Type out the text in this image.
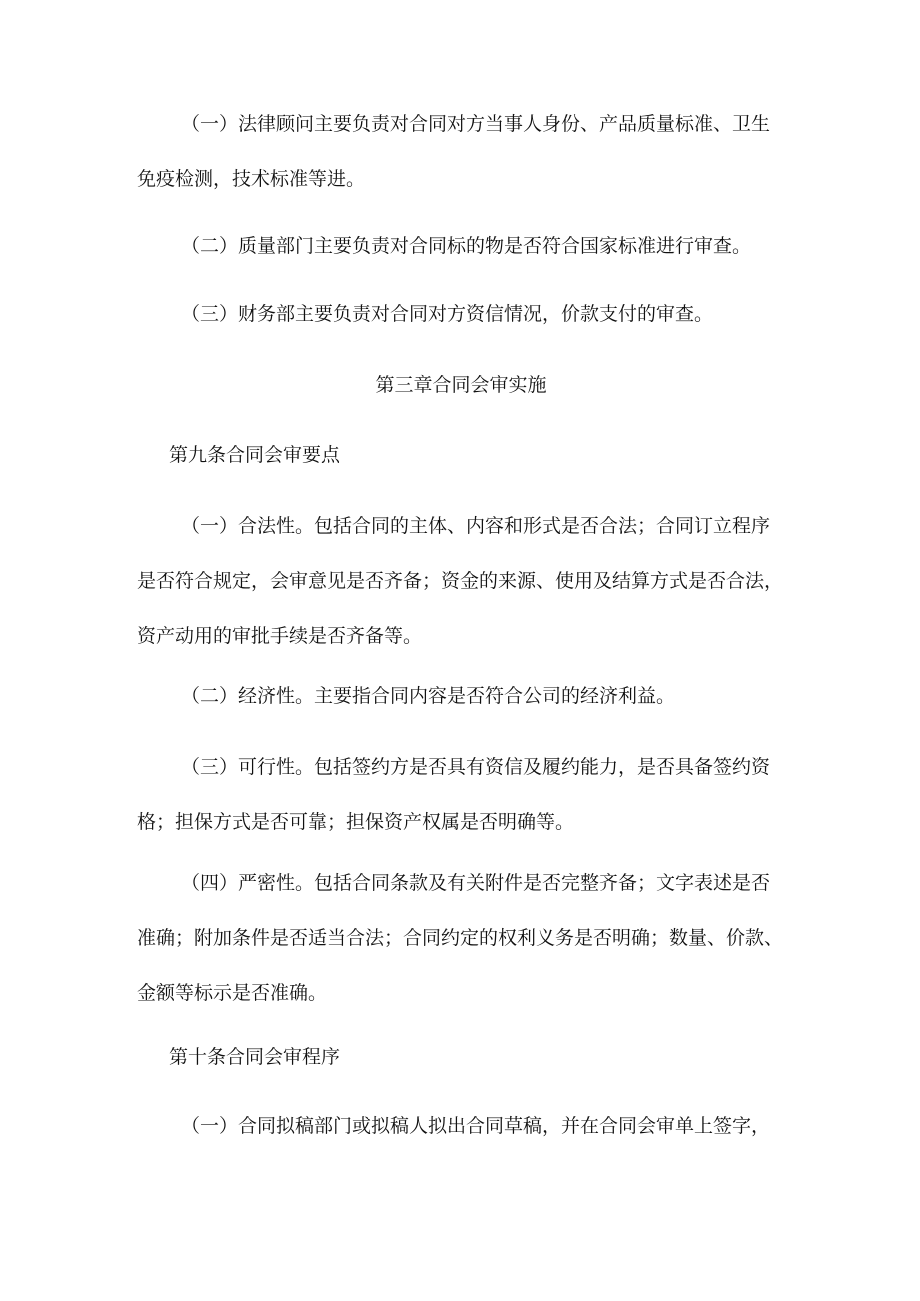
（一）法律顾问主要负责对合同对方当事人身份、产品质量标准、卫生免疫检测，技术标准等进。

（二）质量部门主要负责对合同标的物是否符合国家标准进行审查。

（三）财务部主要负责对合同对方资信情况，价款支付的审查。

第三章合同会审实施
第九条合同会审要点

（一）合法性。包括合同的主体、内容和形式是否合法；合同订立程序是否符合规定，会审意见是否齐备；资金的来源、使用及结算方式是否合法，资产动用的审批手续是否齐备等。

（二）经济性。主要指合同内容是否符合公司的经济利益。

（三）可行性。包括签约方是否具有资信及履约能力，是否具备签约资格；担保方式是否可靠；担保资产权属是否明确等。

（四）严密性。包括合同条款及有关附件是否完整齐备；文字表述是否准确；附加条件是否适当合法；合同约定的权利义务是否明确；数量、价款、金额等标示是否准确。

第十条合同会审程序

（一）合同拟稿部门或拟稿人拟出合同草稿，并在合同会审单上签字，
